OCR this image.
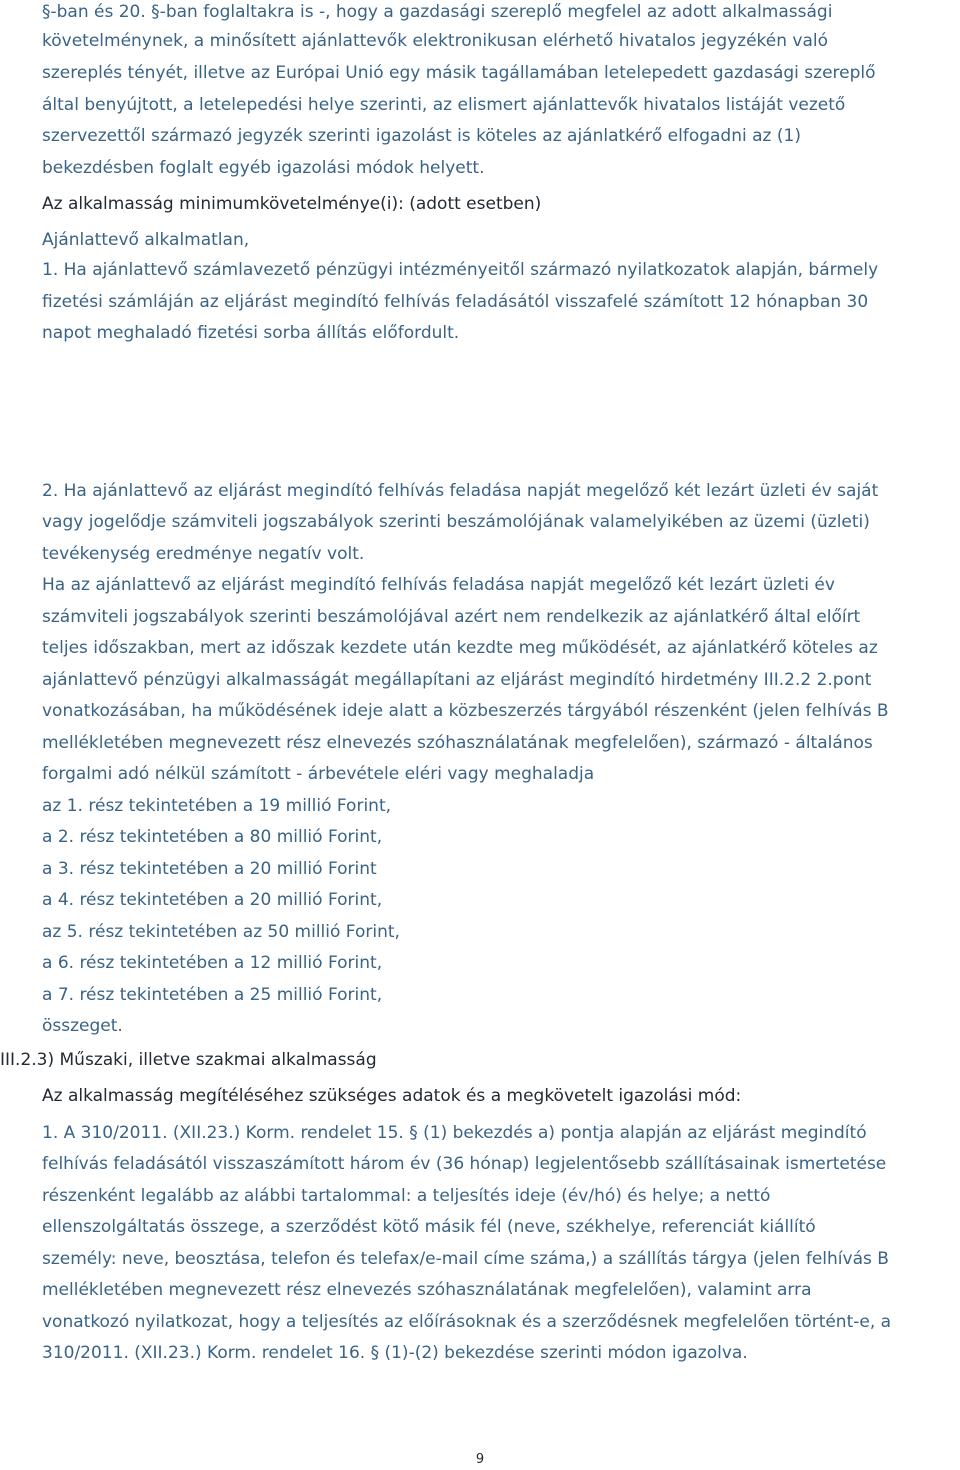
§-ban és 20. §-ban foglaltakra is -, hogy a gazdasági szereplő megfelel az adott alkalmassági
követelménynek, a minősített ajánlattevők elektronikusan elérhető hivatalos jegyzékén való
szereplés tényét, illetve az Európai Unió egy másik tagállamában letelepedett gazdasági szereplő
által benyújtott, a letelepedési helye szerinti, az elismert ajánlattevők hivatalos listáját vezető
szervezettől származó jegyzék szerinti igazolást is köteles az ajánlatkérő elfogadni az (1)
bekezdésben foglalt egyéb igazolási módok helyett.
Az alkalmasság minimumkövetelménye(i): (adott esetben)
Ajánlattevő alkalmatlan,
1. Ha ajánlattevő számlavezető pénzügyi intézményeitől származó nyilatkozatok alapján, bármely
fizetési számláján az eljárást megindító felhívás feladásától visszafelé számított 12 hónapban 30
napot meghaladó fizetési sorba állítás előfordult.
2. Ha ajánlattevő az eljárást megindító felhívás feladása napját megelőző két lezárt üzleti év saját
vagy jogelődje számviteli jogszabályok szerinti beszámolójának valamelyikében az üzemi (üzleti)
tevékenység eredménye negatív volt.
Ha az ajánlattevő az eljárást megindító felhívás feladása napját megelőző két lezárt üzleti év
számviteli jogszabályok szerinti beszámolójával azért nem rendelkezik az ajánlatkérő által előírt
teljes időszakban, mert az időszak kezdete után kezdte meg működését, az ajánlatkérő köteles az
ajánlattevő pénzügyi alkalmasságát megállapítani az eljárást megindító hirdetmény III.2.2 2.pont
vonatkozásában, ha működésének ideje alatt a közbeszerzés tárgyából részenként (jelen felhívás B
mellékletében megnevezett rész elnevezés szóhasználatának megfelelően), származó - általános
forgalmi adó nélkül számított - árbevétele eléri vagy meghaladja
az 1. rész tekintetében a 19 millió Forint,
a 2. rész tekintetében a 80 millió Forint,
a 3. rész tekintetében a 20 millió Forint
a 4. rész tekintetében a 20 millió Forint,
az 5. rész tekintetében az 50 millió Forint,
a 6. rész tekintetében a 12 millió Forint,
a 7. rész tekintetében a 25 millió Forint,
összeget.
III.2.3) Műszaki, illetve szakmai alkalmasság
Az alkalmasság megítéléséhez szükséges adatok és a megkövetelt igazolási mód:
1. A 310/2011. (XII.23.) Korm. rendelet 15. § (1) bekezdés a) pontja alapján az eljárást megindító
felhívás feladásától visszaszámított három év (36 hónap) legjelentősebb szállításainak ismertetése
részenként legalább az alábbi tartalommal: a teljesítés ideje (év/hó) és helye; a nettó
ellenszolgáltatás összege, a szerződést kötő másik fél (neve, székhelye, referenciát kiállító
személy: neve, beosztása, telefon és telefax/e-mail címe száma,) a szállítás tárgya (jelen felhívás B
mellékletében megnevezett rész elnevezés szóhasználatának megfelelően), valamint arra
vonatkozó nyilatkozat, hogy a teljesítés az előírásoknak és a szerződésnek megfelelően történt-e, a
310/2011. (XII.23.) Korm. rendelet 16. § (1)-(2) bekezdése szerinti módon igazolva.
9
